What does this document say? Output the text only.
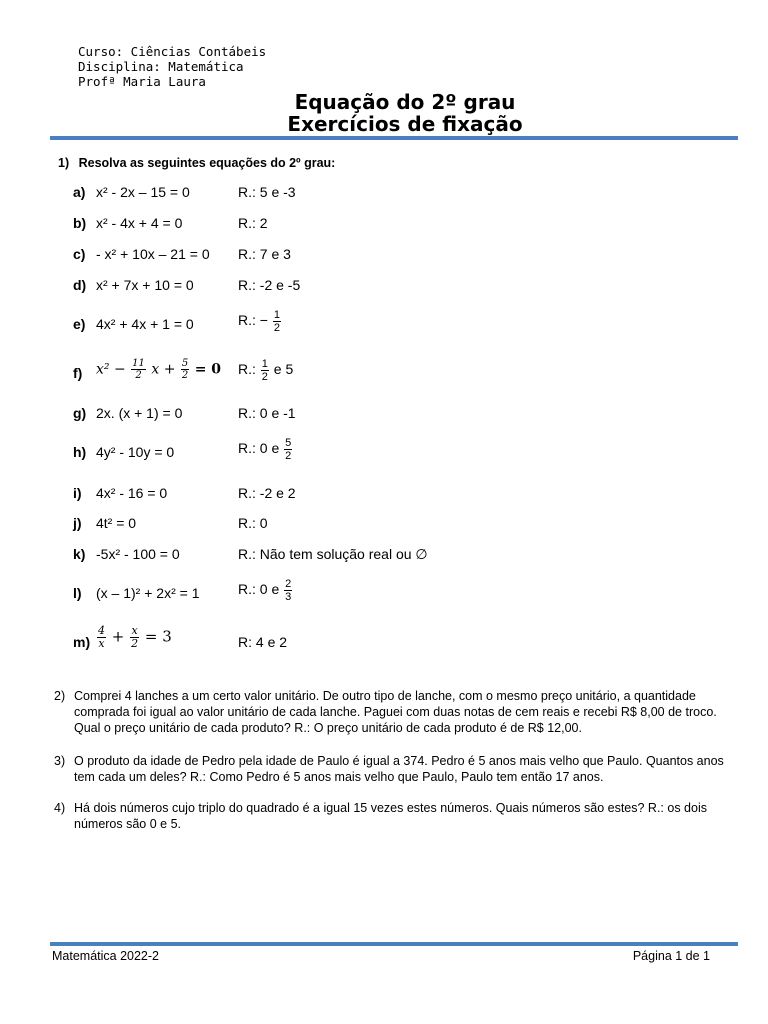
Curso: Ciências Contábeis
Disciplina: Matemática
Profª Maria Laura
Equação do 2º grau
Exercícios de fixação
1) Resolva as seguintes equações do 2º grau:
a) x² - 2x – 15 = 0	R.: 5 e -3
b) x² - 4x + 4 = 0	R.: 2
c) - x² + 10x – 21 = 0 R.: 7 e 3
d) x² + 7x + 10 = 0	R.: -2 e -5
e) 4x² + 4x + 1 = 0	R.: − $\frac{1}{2}$
f) $x^2 - \frac{11}{2}$ $x + \frac{5}{2} = 0$ R.: $\frac{1}{2}$ e 5
g) 2x. (x + 1) = 0	R.: 0 e -1
h) 4y² - 10y = 0	R.: 0 e $\frac{5}{2}$
i) 4x² - 16 = 0	R.: -2 e 2
j) 4t² = 0	R.: 0
k) -5x² - 100 = 0	R.: Não tem solução real ou ∅
l) (x – 1)² + 2x² = 1	R.: 0 e $\frac{2}{3}$
$m) \frac{4}{x} + \frac{x}{2} = 3$	R: 4 e 2
2) Comprei 4 lanches a um certo valor unitário. De outro tipo de lanche, com o mesmo preço unitário, a quantidade comprada foi igual ao valor unitário de cada lanche. Paguei com duas notas de cem reais e recebi R$ 8,00 de troco. Qual o preço unitário de cada produto? R.: O preço unitário de cada produto é de R$ 12,00.
3) O produto da idade de Pedro pela idade de Paulo é igual a 374. Pedro é 5 anos mais velho que Paulo. Quantos anos tem cada um deles? R.: Como Pedro é 5 anos mais velho que Paulo, Paulo tem então 17 anos.
4) Há dois números cujo triplo do quadrado é a igual 15 vezes estes números. Quais números são estes? R.: os dois números são 0 e 5.
Matemática 2022-2	Página 1 de 1
